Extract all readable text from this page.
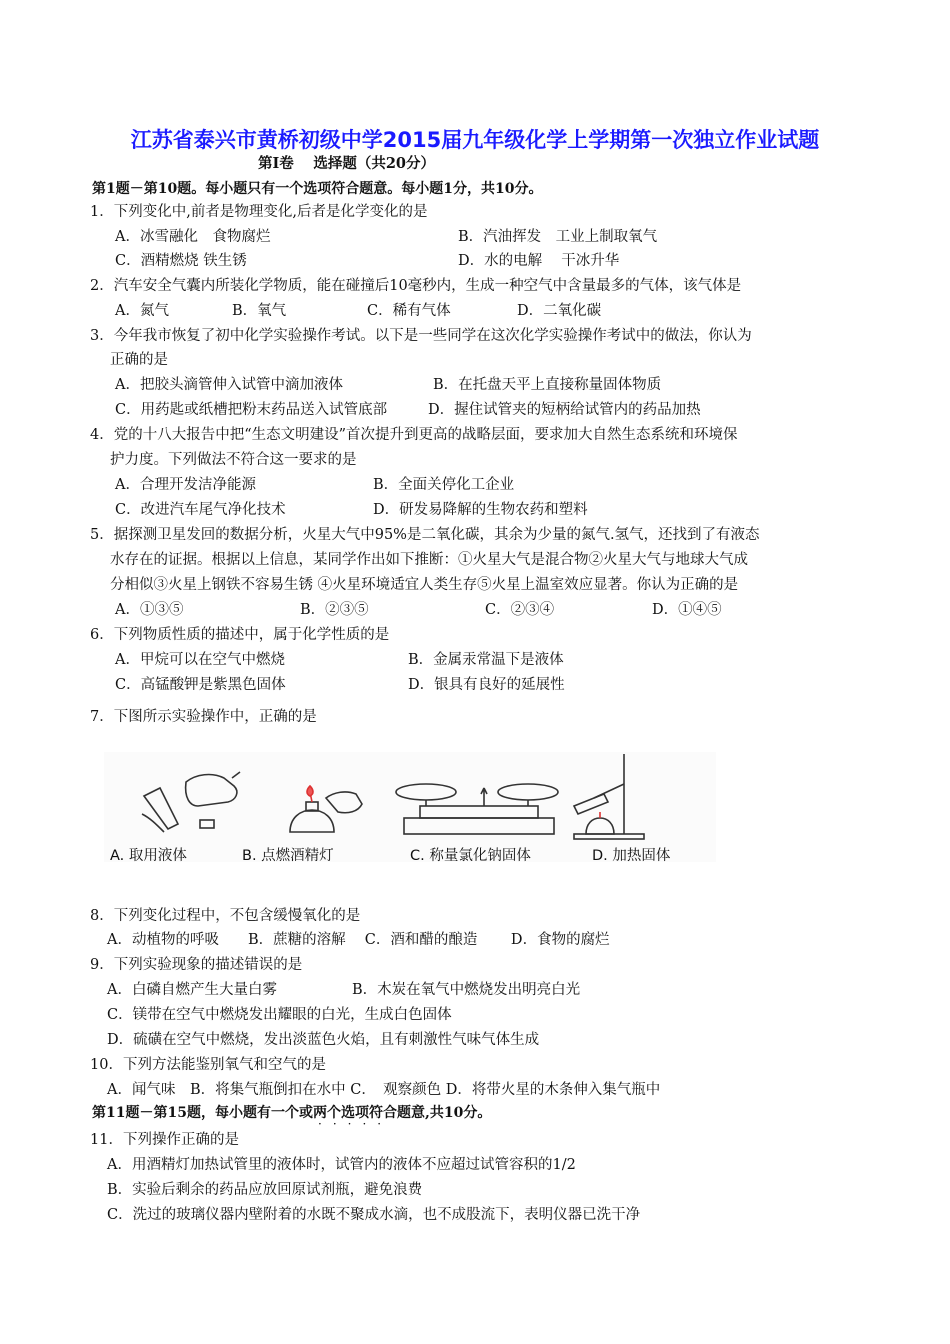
江苏省泰兴市黄桥初级中学2015届九年级化学上学期第一次独立作业试题
第Ⅰ卷　 选择题（共20分）
第1题－第10题。每小题只有一个选项符合题意。每小题1分，共10分。
1．下列变化中,前者是物理变化,后者是化学变化的是
A．冰雪融化　食物腐烂	B．汽油挥发　工业上制取氧气
C．酒精燃烧 铁生锈	D．水的电解　 干冰升华
2．汽车安全气囊内所装化学物质，能在碰撞后10毫秒内，生成一种空气中含量最多的气体，该气体是
A．氮气	B．氧气	C．稀有气体	D．二氧化碳
3．今年我市恢复了初中化学实验操作考试。以下是一些同学在这次化学实验操作考试中的做法，你认为
正确的是
A．把胶头滴管伸入试管中滴加液体	B．在托盘天平上直接称量固体物质
C．用药匙或纸槽把粉末药品送入试管底部	D．握住试管夹的短柄给试管内的药品加热
4．党的十八大报告中把“生态文明建设”首次提升到更高的战略层面，要求加大自然生态系统和环境保
护力度。下列做法不符合这一要求的是
A．合理开发洁净能源	B．全面关停化工企业
C．改进汽车尾气净化技术	D．研发易降解的生物农药和塑料
5．据探测卫星发回的数据分析，火星大气中95%是二氧化碳，其余为少量的氮气.氢气，还找到了有液态
水存在的证据。根据以上信息，某同学作出如下推断：①火星大气是混合物②火星大气与地球大气成
分相似③火星上钢铁不容易生锈 ④火星环境适宜人类生存⑤火星上温室效应显著。你认为正确的是
A．①③⑤	B．②③⑤	C．②③④	D．①④⑤
6．下列物质性质的描述中，属于化学性质的是
A．甲烷可以在空气中燃烧	B．金属汞常温下是液体
C．高锰酸钾是紫黑色固体	D．银具有良好的延展性
7．下图所示实验操作中，正确的是
A. 取用液体	B. 点燃酒精灯	C. 称量氯化钠固体	D. 加热固体
8．下列变化过程中，不包含缓慢氧化的是
A．动植物的呼吸　　B．蔗糖的溶解　 C．酒和醋的酿造　　 D．食物的腐烂
9．下列实验现象的描述错误的是
A．白磷自燃产生大量白雾	B．木炭在氧气中燃烧发出明亮白光
C．镁带在空气中燃烧发出耀眼的白光，生成白色固体
D．硫磺在空气中燃烧，发出淡蓝色火焰，且有刺激性气味气体生成
10．下列方法能鉴别氧气和空气的是
A．闻气味　B．将集气瓶倒扣在水中 C．　观察颜色 D．将带火星的木条伸入集气瓶中
第11题－第15题，每小题有一个或两个选项符合题意,共10分。
·····
11．下列操作正确的是
A．用酒精灯加热试管里的液体时，试管内的液体不应超过试管容积的1/2
B．实验后剩余的药品应放回原试剂瓶，避免浪费
C．洗过的玻璃仪器内壁附着的水既不聚成水滴，也不成股流下，表明仪器已洗干净
